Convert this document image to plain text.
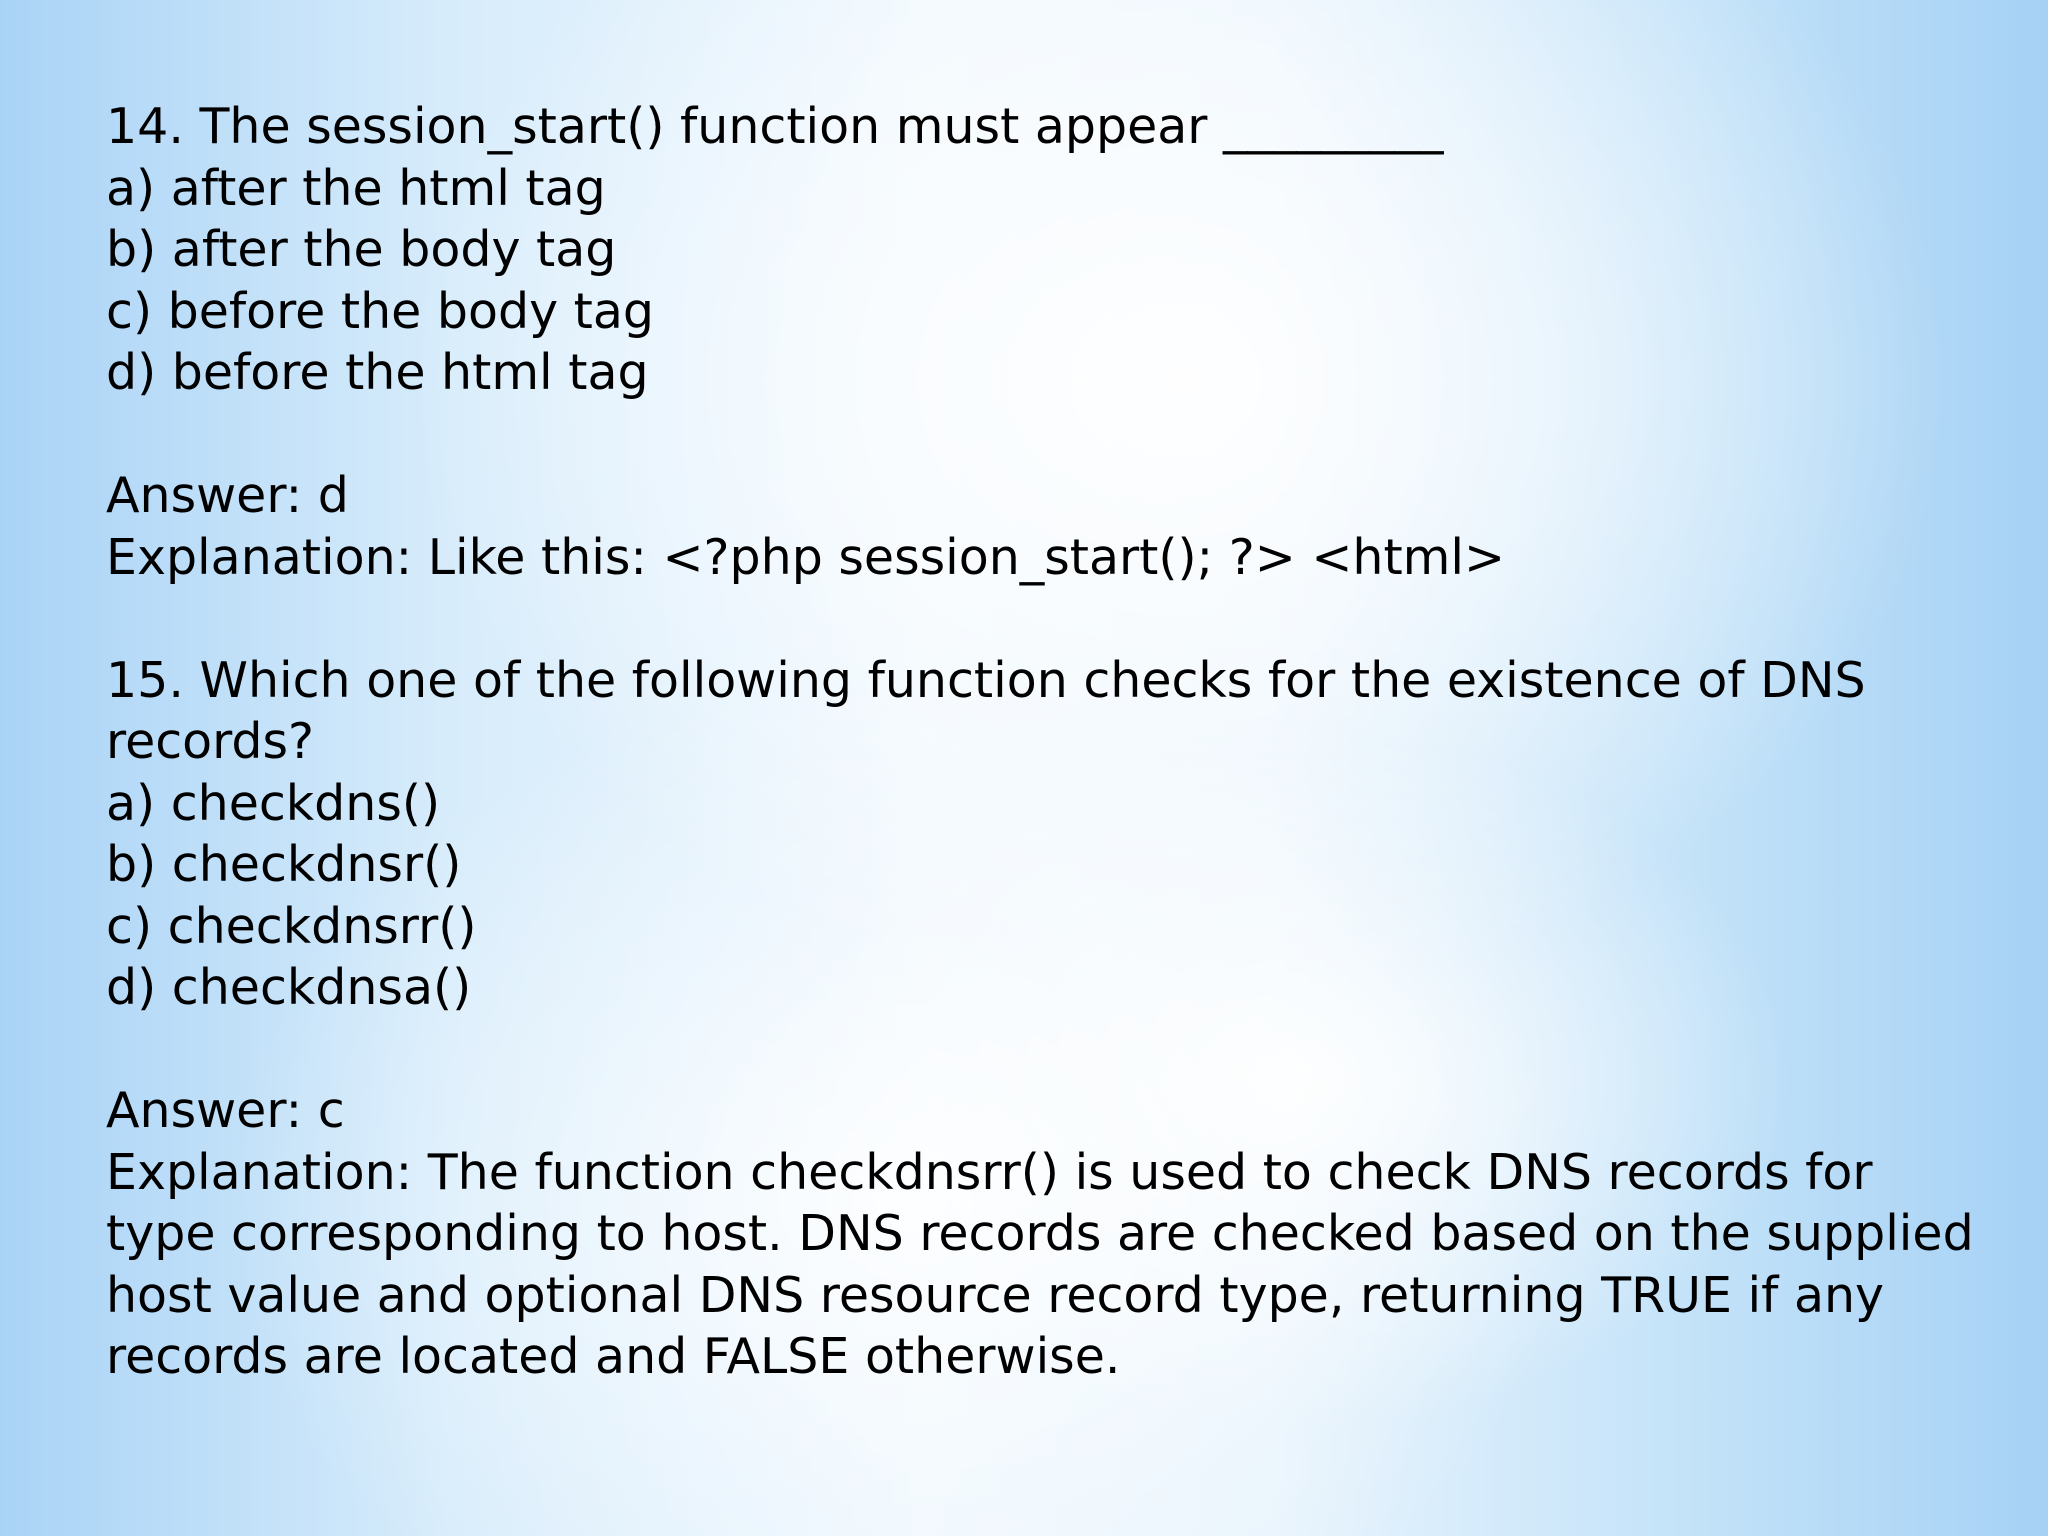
14. The session_start() function must appear _________
a) after the html tag
b) after the body tag
c) before the body tag
d) before the html tag
Answer: d
Explanation: Like this: <?php session_start(); ?> <html>
15. Which one of the following function checks for the existence of DNS
records?
a) checkdns()
b) checkdnsr()
c) checkdnsrr()
d) checkdnsa()
Answer: c
Explanation: The function checkdnsrr() is used to check DNS records for
type corresponding to host. DNS records are checked based on the supplied
host value and optional DNS resource record type, returning TRUE if any
records are located and FALSE otherwise.
